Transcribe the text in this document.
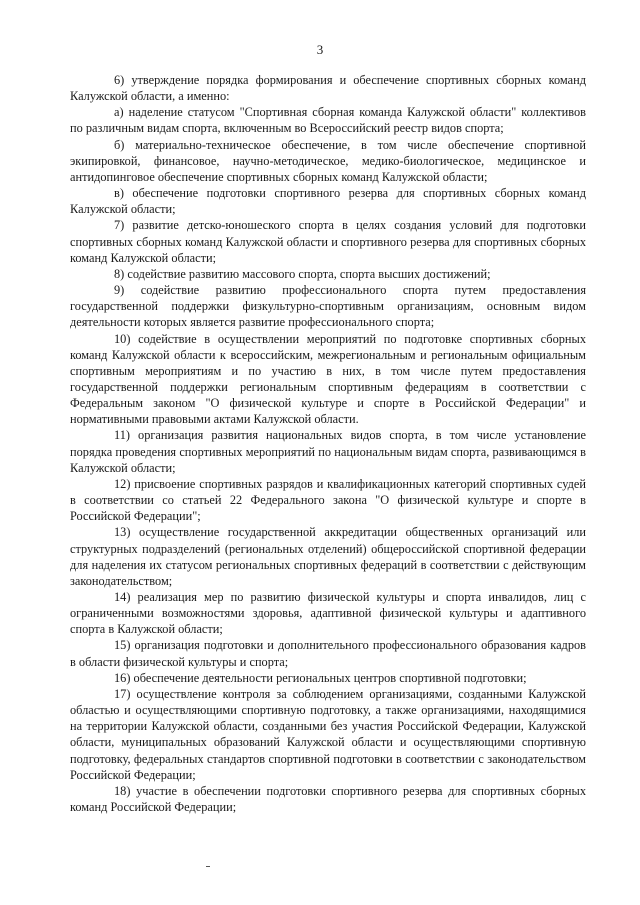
3

6) утверждение порядка формирования и обеспечение спортивных сборных команд Калужской области, а именно:

а) наделение статусом "Спортивная сборная команда Калужской области" коллективов по различным видам спорта, включенным во Всероссийский реестр видов спорта;

б) материально-техническое обеспечение, в том числе обеспечение спортивной экипировкой, финансовое, научно-методическое, медико-биологическое, медицинское и антидопинговое обеспечение спортивных сборных команд Калужской области;

в) обеспечение подготовки спортивного резерва для спортивных сборных команд Калужской области;

7) развитие детско-юношеского спорта в целях создания условий для подготовки спортивных сборных команд Калужской области и спортивного резерва для спортивных сборных команд Калужской области;

8) содействие развитию массового спорта, спорта высших достижений;

9) содействие развитию профессионального спорта путем предоставления государственной поддержки физкультурно-спортивным организациям, основным видом деятельности которых является развитие профессионального спорта;

10) содействие в осуществлении мероприятий по подготовке спортивных сборных команд Калужской области к всероссийским, межрегиональным и региональным официальным спортивным мероприятиям и по участию в них, в том числе путем предоставления государственной поддержки региональным спортивным федерациям в соответствии с Федеральным законом "О физической культуре и спорте в Российской Федерации" и нормативными правовыми актами Калужской области.

11) организация развития национальных видов спорта, в том числе установление порядка проведения спортивных мероприятий по национальным видам спорта, развивающимся в Калужской области;

12) присвоение спортивных разрядов и квалификационных категорий спортивных судей в соответствии со статьей 22 Федерального закона "О физической культуре и спорте в Российской Федерации";

13) осуществление государственной аккредитации общественных организаций или структурных подразделений (региональных отделений) общероссийской спортивной федерации для наделения их статусом региональных спортивных федераций в соответствии с действующим законодательством;

14) реализация мер по развитию физической культуры и спорта инвалидов, лиц с ограниченными возможностями здоровья, адаптивной физической культуры и адаптивного спорта в Калужской области;

15) организация подготовки и дополнительного профессионального образования кадров в области физической культуры и спорта;

16) обеспечение деятельности региональных центров спортивной подготовки;

17) осуществление контроля за соблюдением организациями, созданными Калужской областью и осуществляющими спортивную подготовку, а также организациями, находящимися на территории Калужской области, созданными без участия Российской Федерации, Калужской области, муниципальных образований Калужской области и осуществляющими спортивную подготовку, федеральных стандартов спортивной подготовки в соответствии с законодательством Российской Федерации;

18) участие в обеспечении подготовки спортивного резерва для спортивных сборных команд Российской Федерации;
